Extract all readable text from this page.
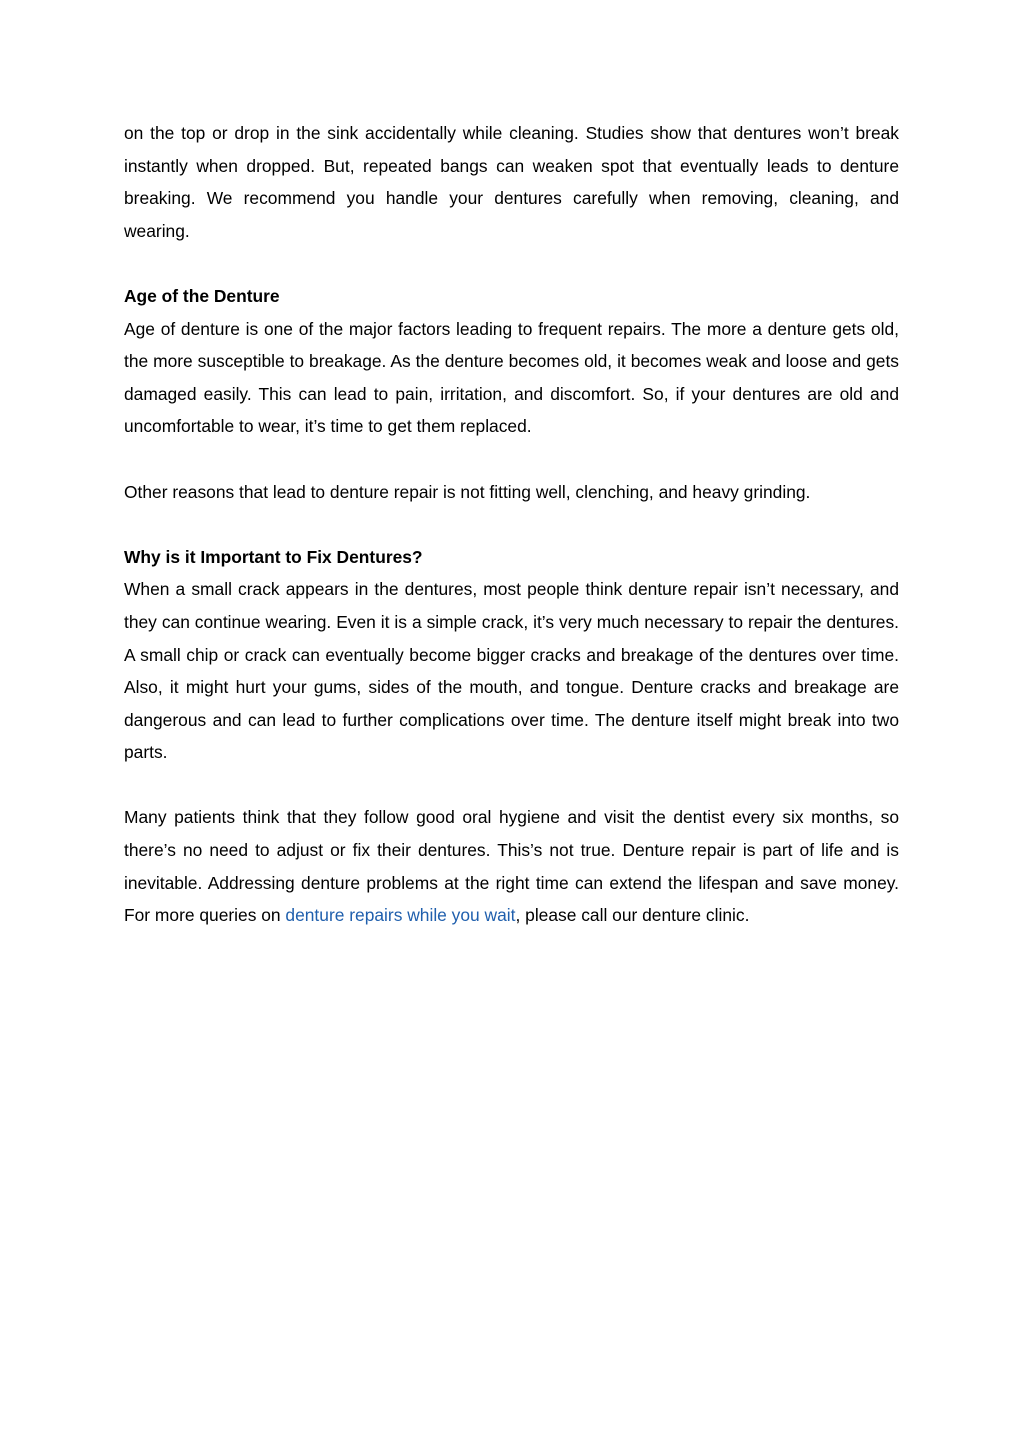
on the top or drop in the sink accidentally while cleaning. Studies show that dentures won’t break instantly when dropped. But, repeated bangs can weaken spot that eventually leads to denture breaking. We recommend you handle your dentures carefully when removing, cleaning, and wearing.

Age of the Denture

Age of denture is one of the major factors leading to frequent repairs. The more a denture gets old, the more susceptible to breakage. As the denture becomes old, it becomes weak and loose and gets damaged easily. This can lead to pain, irritation, and discomfort. So, if your dentures are old and uncomfortable to wear, it’s time to get them replaced.

Other reasons that lead to denture repair is not fitting well, clenching, and heavy grinding.

Why is it Important to Fix Dentures?

When a small crack appears in the dentures, most people think denture repair isn’t necessary, and they can continue wearing. Even it is a simple crack, it’s very much necessary to repair the dentures. A small chip or crack can eventually become bigger cracks and breakage of the dentures over time. Also, it might hurt your gums, sides of the mouth, and tongue. Denture cracks and breakage are dangerous and can lead to further complications over time. The denture itself might break into two parts.

Many patients think that they follow good oral hygiene and visit the dentist every six months, so there’s no need to adjust or fix their dentures. This’s not true. Denture repair is part of life and is inevitable. Addressing denture problems at the right time can extend the lifespan and save money. For more queries on denture repairs while you wait, please call our denture clinic.
